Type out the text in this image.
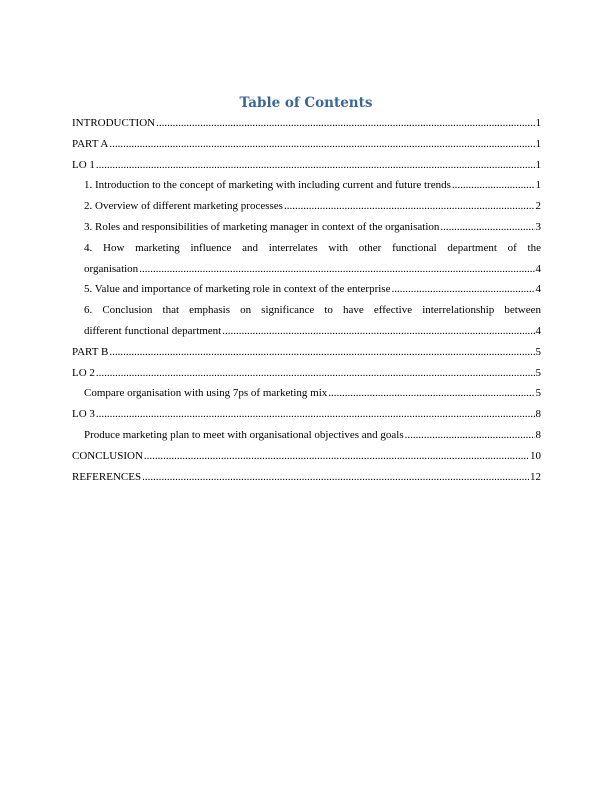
Table of Contents
INTRODUCTION .....	1
PART A .....	1
LO 1 .....	1
1. Introduction to the concept of marketing with including current and future trends .....	1
2. Overview of different marketing processes .....	2
3. Roles and responsibilities of marketing manager in context of the organisation .....	3
4. How marketing influence and interrelates with other functional department of the
organisation .....	4
5. Value and importance of marketing role in context of the enterprise .....	4
6. Conclusion that emphasis on significance to have effective interrelationship between
different functional department .....	4
PART B .....	5
LO 2 .....	5
Compare organisation with using 7ps of marketing mix .....	5
LO 3 .....	8
Produce marketing plan to meet with organisational objectives and goals .....	8
CONCLUSION .....	10
REFERENCES .....	12
